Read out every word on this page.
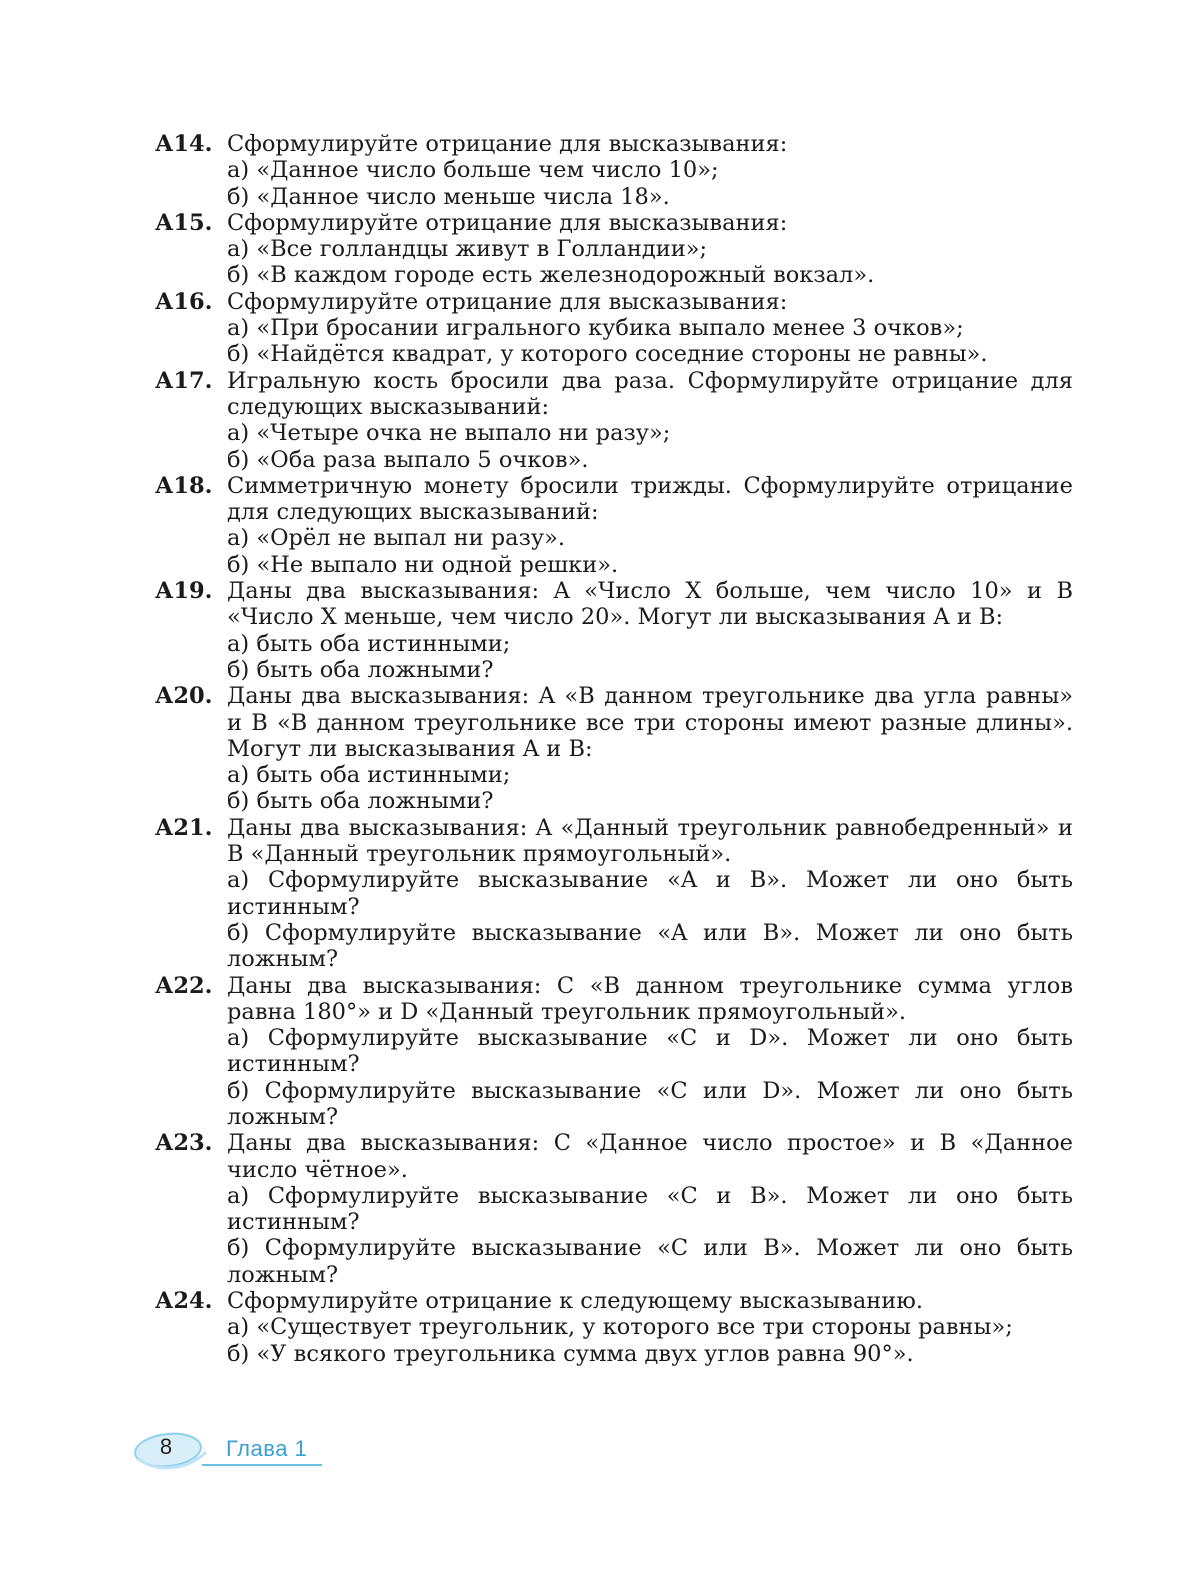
А14. Сформулируйте отрицание для высказывания:
а) «Данное число больше чем число 10»;
б) «Данное число меньше числа 18».
А15. Сформулируйте отрицание для высказывания:
а) «Все голландцы живут в Голландии»;
б) «В каждом городе есть железнодорожный вокзал».
А16. Сформулируйте отрицание для высказывания:
а) «При бросании игрального кубика выпало менее 3 очков»;
б) «Найдётся квадрат, у которого соседние стороны не равны».
А17. Игральную кость бросили два раза. Сформулируйте отрицание для следующих высказываний:
а) «Четыре очка не выпало ни разу»;
б) «Оба раза выпало 5 очков».
А18. Симметричную монету бросили трижды. Сформулируйте отрицание для следующих высказываний:
а) «Орёл не выпал ни разу».
б) «Не выпало ни одной решки».
А19. Даны два высказывания: A «Число X больше, чем число 10» и B «Число X меньше, чем число 20». Могут ли высказывания A и B:
а) быть оба истинными;
б) быть оба ложными?
А20. Даны два высказывания: A «В данном треугольнике два угла равны» и B «В данном треугольнике все три стороны имеют разные длины». Могут ли высказывания A и B:
а) быть оба истинными;
б) быть оба ложными?
А21. Даны два высказывания: A «Данный треугольник равнобедренный» и B «Данный треугольник прямоугольный».
а) Сформулируйте высказывание «A и B». Может ли оно быть истинным?
б) Сформулируйте высказывание «A или B». Может ли оно быть ложным?
А22. Даны два высказывания: C «В данном треугольнике сумма углов равна 180°» и D «Данный треугольник прямоугольный».
а) Сформулируйте высказывание «C и D». Может ли оно быть истинным?
б) Сформулируйте высказывание «C или D». Может ли оно быть ложным?
А23. Даны два высказывания: C «Данное число простое» и B «Данное число чётное».
а) Сформулируйте высказывание «C и B». Может ли оно быть истинным?
б) Сформулируйте высказывание «C или B». Может ли оно быть ложным?
А24. Сформулируйте отрицание к следующему высказыванию.
а) «Существует треугольник, у которого все три стороны равны»;
б) «У всякого треугольника сумма двух углов равна 90°».
8	Глава 1
